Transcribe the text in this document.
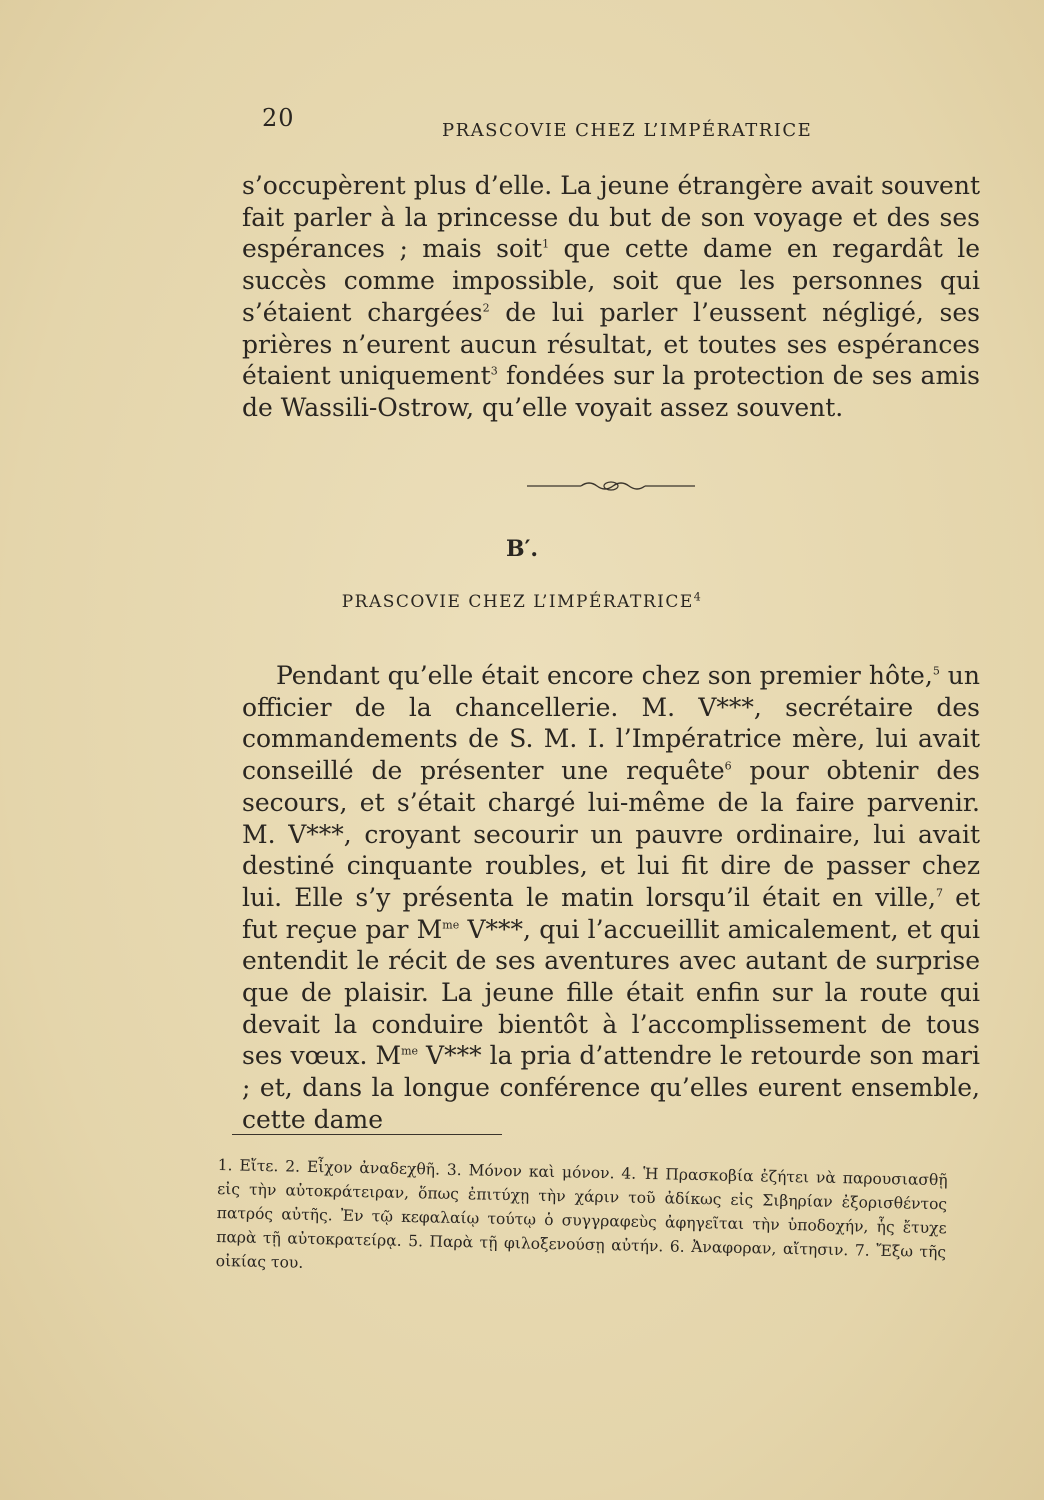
20	PRASCOVIE CHEZ L’IMPÉRATRICE

s’occupèrent plus d’elle. La jeune étrangère avait souvent fait parler à la princesse du but de son voyage et des ses espérances ; mais soit$^1$ que cette dame en regardât le succès comme impossible, soit que les personnes qui s’étaient chargées$^2$ de lui parler l’eussent négligé, ses prières n’eurent aucun résultat, et toutes ses espérances étaient uniquement$^3$ fondées sur la protection de ses amis de Wassili-Ostrow, qu’elle voyait assez souvent.

B′.
PRASCOVIE CHEZ L’IMPÉRATRICE$^4$

Pendant qu’elle était encore chez son premier hôte,$^5$ un officier de la chancellerie. M. V***, secrétaire des commandements de S. M. I. l’Impératrice mère, lui avait conseillé de présenter une requête$^6$ pour obtenir des secours, et s’était chargé lui-même de la faire parvenir. M. V***, croyant secourir un pauvre ordinaire, lui avait destiné cinquante roubles, et lui fit dire de passer chez lui. Elle s’y présenta le matin lorsqu’il était en ville,$^7$ et fut reçue par $M^{me}$ V***, qui l’accueillit amicalement, et qui entendit le récit de ses aventures avec autant de surprise que de plaisir. La jeune fille était enfin sur la route qui devait la conduire bientôt à l’accomplissement de tous ses vœux. $M^{me}$ V*** la pria d’attendre le retourde son mari ; et, dans la longue conférence qu’elles eurent ensemble, cette dame

1. Εἴτε. 2. Εἶχον ἀναδεχθῆ. 3. Μόνον καὶ μόνον. 4. Ἡ Πρασκοβία ἐζήτει νὰ παρουσιασθῇ εἰς τὴν αὐτοκράτειραν, ὅπως ἐπιτύχῃ τὴν χάριν τοῦ ἀδίκως εἰς Σιβηρίαν ἐξορισθέντος πατρός αὐτῆς. Ἐν τῷ κεφαλαίῳ τούτῳ ὁ συγγραφεὺς ἀφηγεῖται τὴν ὑποδοχήν, ἧς ἔτυχε παρὰ τῇ αὐτοκρατείρᾳ. 5. Παρὰ τῇ φιλοξενούσῃ αὐτήν. 6. Ἀναφοραν, αἴτησιν. 7. Ἔξω τῆς οἰκίας του.
